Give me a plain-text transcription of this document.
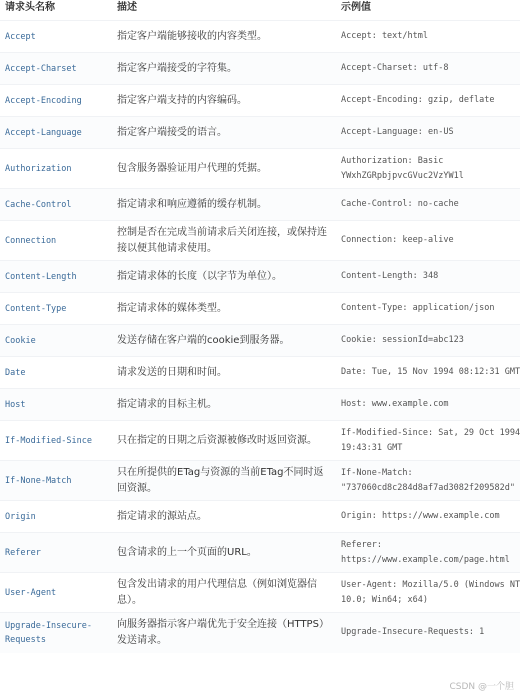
请求头名称	描述	示例值
Accept	指定客户端能够接收的内容类型。	Accept: text/html

Accept-Charset	指定客户端接受的字符集。	Accept-Charset: utf-8

Accept-Encoding	指定客户端支持的内容编码。	Accept-Encoding: gzip, deflate

Accept-Language	指定客户端接受的语言。	Accept-Language: en-US

Authorization	包含服务器验证用户代理的凭据。	Authorization: Basic
YWxhZGRpbjpvcGVuc2VzYW1l

Cache-Control	指定请求和响应遵循的缓存机制。	Cache-Control: no-cache

Connection	控制是否在完成当前请求后关闭连接，或保持连接以便其他请求使用。	Connection: keep-alive

Content-Length	指定请求体的长度（以字节为单位）。	Content-Length: 348

Content-Type	指定请求体的媒体类型。	Content-Type: application/json

Cookie	发送存储在客户端的cookie到服务器。	Cookie: sessionId=abc123

Date	请求发送的日期和时间。	Date: Tue, 15 Nov 1994 08:12:31 GMT

Host	指定请求的目标主机。	Host: www.example.com

If-Modified-Since	只在指定的日期之后资源被修改时返回资源。	If-Modified-Since: Sat, 29 Oct 1994
19:43:31 GMT

If-None-Match	只在所提供的ETag与资源的当前ETag不同时返回资源。	If-None-Match:
"737060cd8c284d8af7ad3082f209582d"

Origin	指定请求的源站点。	Origin: https://www.example.com

Referer	包含请求的上一个页面的URL。	Referer:
https://www.example.com/page.html

User-Agent	包含发出请求的用户代理信息（例如浏览器信息）。	User-Agent: Mozilla/5.0 (Windows NT
10.0; Win64; x64)

Upgrade-Insecure-Requests	向服务器指示客户端优先于安全连接（HTTPS）发送请求。	Upgrade-Insecure-Requests: 1
CSDN @一个胆
